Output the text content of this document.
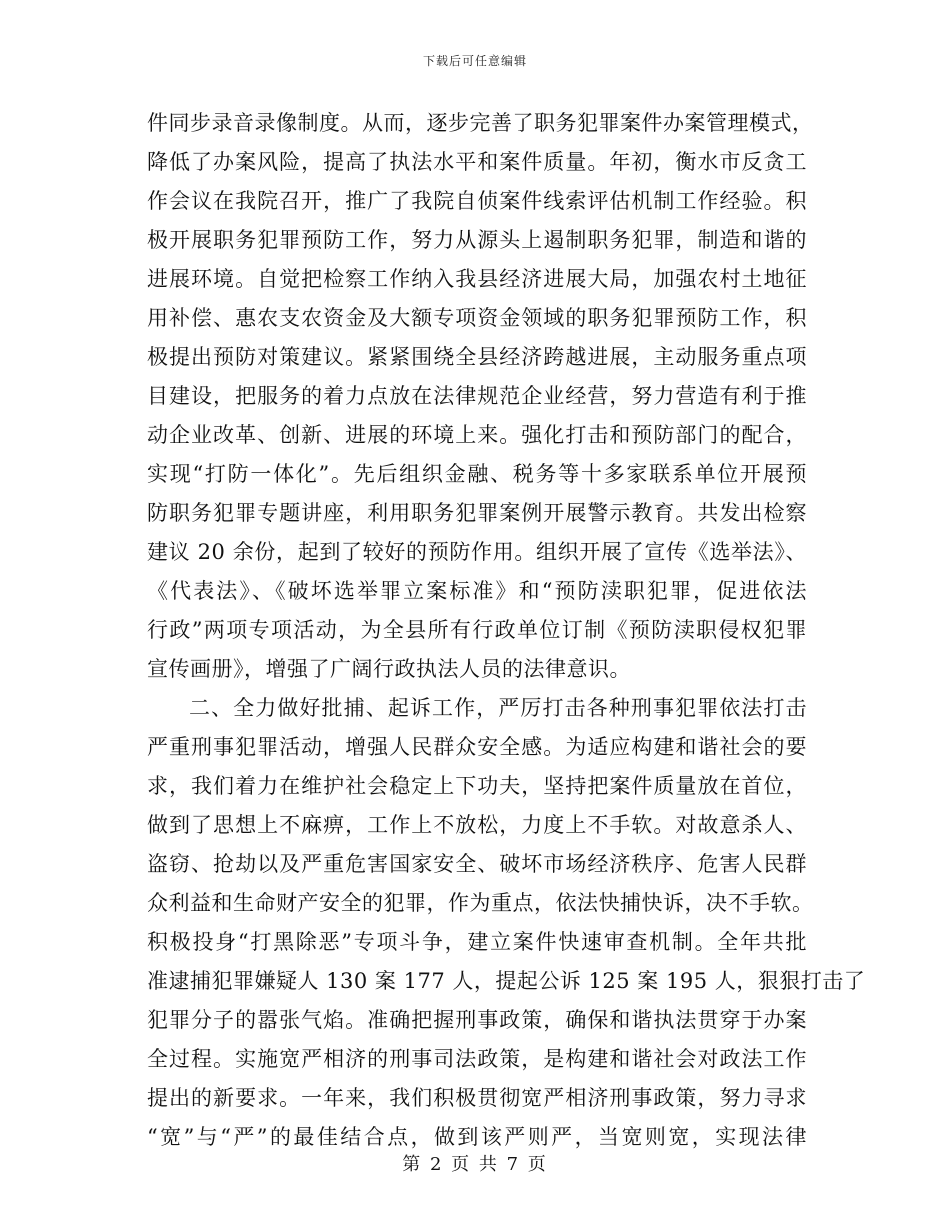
下载后可任意编辑
件同步录音录像制度。从而，逐步完善了职务犯罪案件办案管理模式，
降低了办案风险，提高了执法水平和案件质量。年初，衡水市反贪工
作会议在我院召开，推广了我院自侦案件线索评估机制工作经验。积
极开展职务犯罪预防工作，努力从源头上遏制职务犯罪，制造和谐的
进展环境。自觉把检察工作纳入我县经济进展大局，加强农村土地征
用补偿、惠农支农资金及大额专项资金领域的职务犯罪预防工作，积
极提出预防对策建议。紧紧围绕全县经济跨越进展，主动服务重点项
目建设，把服务的着力点放在法律规范企业经营，努力营造有利于推
动企业改革、创新、进展的环境上来。强化打击和预防部门的配合，
实现“打防一体化”。先后组织金融、税务等十多家联系单位开展预
防职务犯罪专题讲座，利用职务犯罪案例开展警示教育。共发出检察
建议 20 余份，起到了较好的预防作用。组织开展了宣传《选举法》、
《代表法》、《破坏选举罪立案标准》和“预防渎职犯罪，促进依法
行政”两项专项活动，为全县所有行政单位订制《预防渎职侵权犯罪
宣传画册》，增强了广阔行政执法人员的法律意识。
二、全力做好批捕、起诉工作，严厉打击各种刑事犯罪依法打击
严重刑事犯罪活动，增强人民群众安全感。为适应构建和谐社会的要
求，我们着力在维护社会稳定上下功夫，坚持把案件质量放在首位，
做到了思想上不麻痹，工作上不放松，力度上不手软。对故意杀人、
盗窃、抢劫以及严重危害国家安全、破坏市场经济秩序、危害人民群
众利益和生命财产安全的犯罪，作为重点，依法快捕快诉，决不手软。
积极投身“打黑除恶”专项斗争，建立案件快速审查机制。全年共批
准逮捕犯罪嫌疑人 130 案 177 人，提起公诉 125 案 195 人，狠狠打击了
犯罪分子的嚣张气焰。准确把握刑事政策，确保和谐执法贯穿于办案
全过程。实施宽严相济的刑事司法政策，是构建和谐社会对政法工作
提出的新要求。一年来，我们积极贯彻宽严相济刑事政策，努力寻求
“宽”与“严”的最佳结合点，做到该严则严，当宽则宽，实现法律
第 2 页 共 7 页
